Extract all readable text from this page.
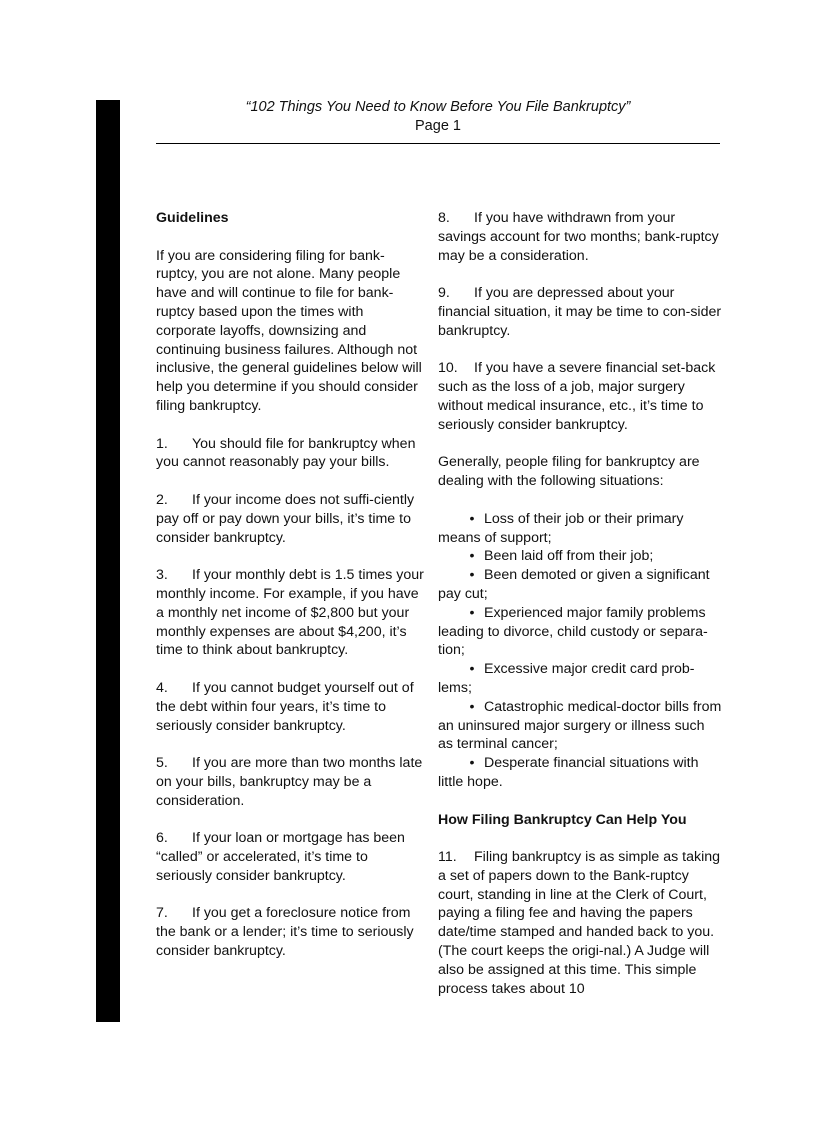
“102 Things You Need to Know Before You File Bankruptcy”
Page 1

Guidelines

If you are considering filing for bank-ruptcy, you are not alone. Many people have and will continue to file for bank-ruptcy based upon the times with corporate layoffs, downsizing and continuing business failures. Although not inclusive, the general guidelines below will help you determine if you should consider filing bankruptcy.

1. You should file for bankruptcy when you cannot reasonably pay your bills.

2. If your income does not suffi-ciently pay off or pay down your bills, it’s time to consider bankruptcy.

3. If your monthly debt is 1.5 times your monthly income. For example, if you have a monthly net income of $2,800 but your monthly expenses are about $4,200, it’s time to think about bankruptcy.

4. If you cannot budget yourself out of the debt within four years, it’s time to seriously consider bankruptcy.

5. If you are more than two months late on your bills, bankruptcy may be a consideration.

6. If your loan or mortgage has been “called” or accelerated, it’s time to seriously consider bankruptcy.

7. If you get a foreclosure notice from the bank or a lender; it’s time to seriously consider bankruptcy.

8. If you have withdrawn from your savings account for two months; bank-ruptcy may be a consideration.

9. If you are depressed about your financial situation, it may be time to con-sider bankruptcy.

10. If you have a severe financial set-back such as the loss of a job, major surgery without medical insurance, etc., it’s time to seriously consider bankruptcy.

Generally, people filing for bankruptcy are dealing with the following situations:

• Loss of their job or their primary means of support;
• Been laid off from their job;
• Been demoted or given a significant pay cut;
• Experienced major family problems leading to divorce, child custody or separa-tion;
• Excessive major credit card prob-lems;
• Catastrophic medical-doctor bills from an uninsured major surgery or illness such as terminal cancer;
• Desperate financial situations with little hope.

How Filing Bankruptcy Can Help You

11. Filing bankruptcy is as simple as taking a set of papers down to the Bank-ruptcy court, standing in line at the Clerk of Court, paying a filing fee and having the papers date/time stamped and handed back to you. (The court keeps the origi-nal.) A Judge will also be assigned at this time. This simple process takes about 10
